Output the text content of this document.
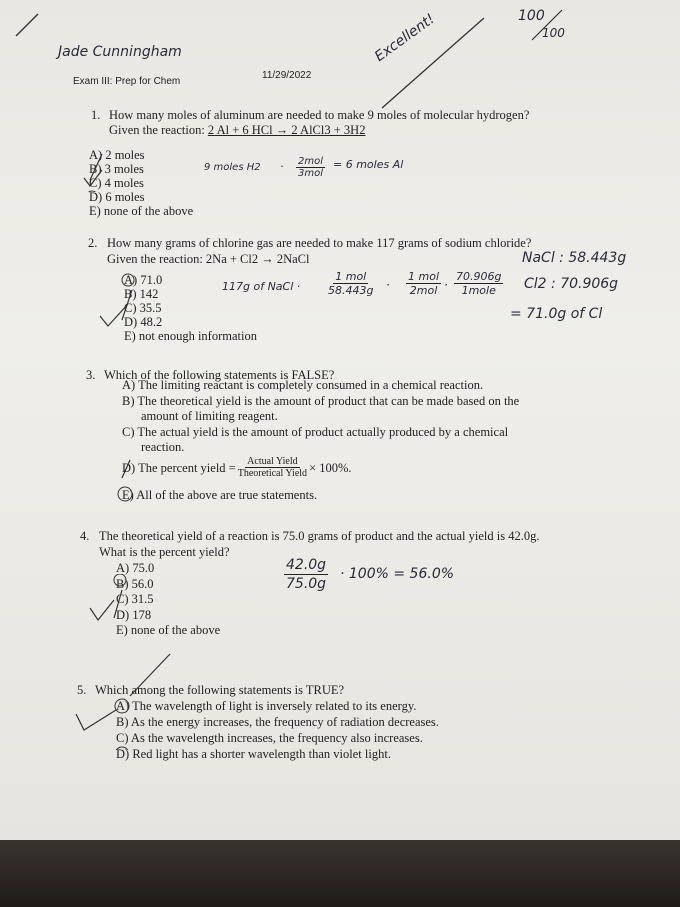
Jade Cunningham
Exam III: Prep for Chem
11/29/2022
Excellent!	100
100
1. How many moles of aluminum are needed to make 9 moles of molecular hydrogen?
Given the reaction: 2 Al + 6 HCl → 2 AlCl3 + 3H2
A) 2 moles
B) 3 moles
C) 4 moles
D) 6 moles
E) none of the above
9 moles H2 · 2mol
3mol
= 6 moles Al
2. How many grams of chlorine gas are needed to make 117 grams of sodium chloride?
Given the reaction: 2Na + Cl2 → 2NaCl
A) 71.0
B) 142
C) 35.5
D) 48.2
E) not enough information
117g of NaCl ·
1 mol
58.443g ·
1 mol
2mol ·
70.906g
1mole
NaCl : 58.443g
Cl2 : 70.906g
= 71.0g of Cl
3. Which of the following statements is FALSE?
A) The limiting reactant is completely consumed in a chemical reaction.
B) The theoretical yield is the amount of product that can be made based on the
amount of limiting reagent.
C) The actual yield is the amount of product actually produced by a chemical
reaction.
D) The percent yield = $\frac{\text{Actual Yield}}{\text{Theoretical Yield}} \times 100\%$.
E) All of the above are true statements.
4. The theoretical yield of a reaction is 75.0 grams of product and the actual yield is 42.0g.
What is the percent yield?
A) 75.0
B) 56.0
C) 31.5
D) 178
E) none of the above
$\frac{42.0g}{75.0g} \cdot 100\% = 56.0\%$
5. Which among the following statements is TRUE?
A) The wavelength of light is inversely related to its energy.
B) As the energy increases, the frequency of radiation decreases.
C) As the wavelength increases, the frequency also increases.
D) Red light has a shorter wavelength than violet light.
